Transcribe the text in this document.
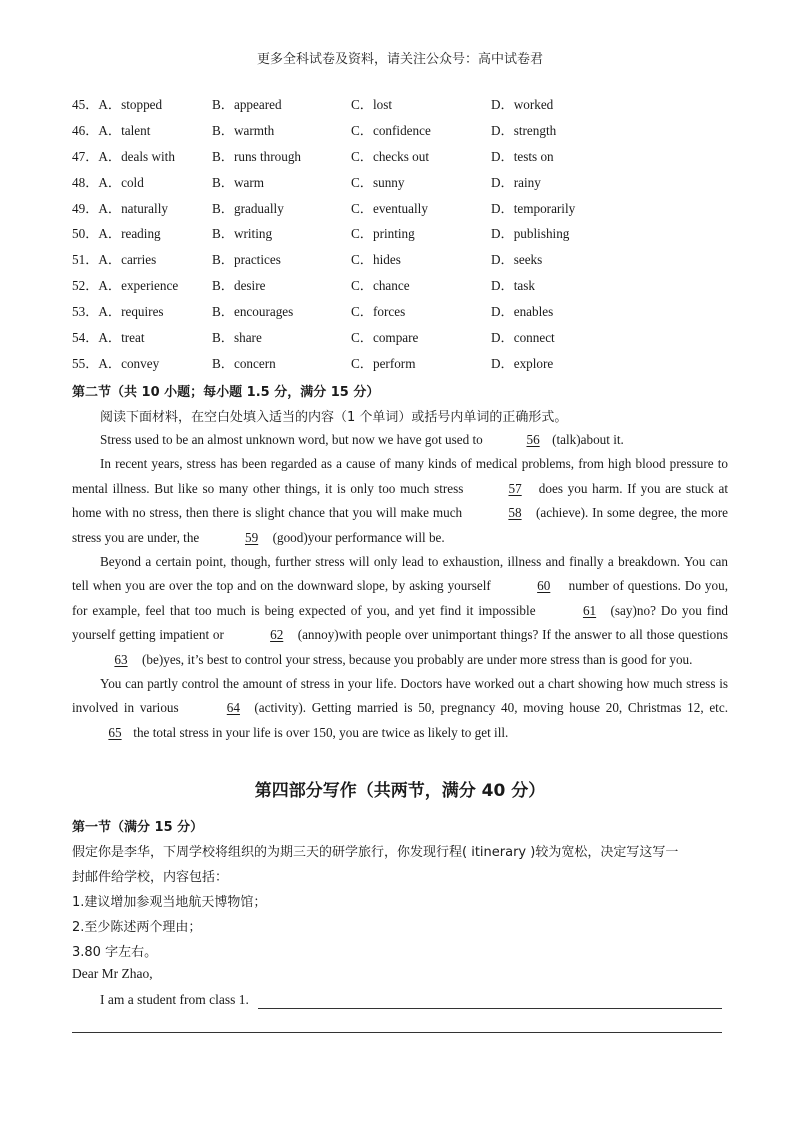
更多全科试卷及资料，请关注公众号：高中试卷君
45．A．stopped	B．appeared	C．lost	D．worked
46．A．talent	B．warmth	C．confidence	D．strength
47．A．deals with	B．runs through	C．checks out	D．tests on
48．A．cold	B．warm	C．sunny	D．rainy
49．A．naturally	B．gradually	C．eventually	D．temporarily
50．A．reading	B．writing	C．printing	D．publishing
51．A．carries	B．practices	C．hides	D．seeks
52．A．experience	B．desire	C．chance	D．task
53．A．requires	B．encourages	C．forces	D．enables
54．A．treat	B．share	C．compare	D．connect
55．A．convey	B．concern	C．perform	D．explore
第二节（共 10 小题；每小题 1.5 分，满分 15 分）
阅读下面材料，在空白处填入适当的内容（1 个单词）或括号内单词的正确形式。

Stress used to be an almost unknown word, but now we have got used to	56 (talk)about it.

In recent years, stress has been regarded as a cause of many kinds of medical problems, from high blood pressure to mental illness. But like so many other things, it is only too much stress	57 does you harm. If you are stuck at home with no stress, then there is slight chance that you will make much	58 (achieve). In some degree, the more stress you are under, the	59 (good)your performance will be.

Beyond a certain point, though, further stress will only lead to exhaustion, illness and finally a breakdown. You can tell when you are over the top and on the downward slope, by asking yourself	60 number of questions. Do you, for example, feel that too much is being expected of you, and yet find it impossible	61 (say)no? Do you find yourself getting impatient or	62 (annoy)with people over unimportant things? If the answer to all those questions 63 (be)yes, it’s best to control your stress, because you probably are under more stress than is good for you.

You can partly control the amount of stress in your life. Doctors have worked out a chart showing how much stress is involved in various	64 (activity). Getting married is 50, pregnancy 40, moving house 20, Christmas 12, etc. 65 the total stress in your life is over 150, you are twice as likely to get ill.

第四部分写作（共两节，满分 40 分）
第一节（满分 15 分）
假定你是李华，下周学校将组织的为期三天的研学旅行，你发现行程( itinerary )较为宽松，决定写这写一
封邮件给学校，内容包括：
1.建议增加参观当地航天博物馆；
2.至少陈述两个理由；
3.80 字左右。
Dear Mr Zhao,
I am a student from class 1.
